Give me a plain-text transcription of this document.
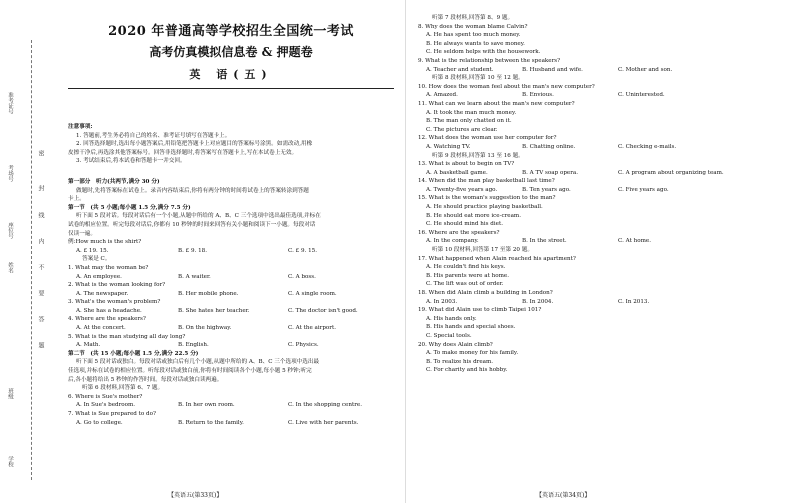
准考证号
考场号
座位号
姓名
班级
学校
密
封
线
内
不
要
答
题
2020 年普通高等学校招生全国统一考试
高考仿真模拟信息卷 & 押题卷
英 语(五)
注意事项:
1. 答题前,考生务必将自己的姓名、准考证号填写在答题卡上。
2. 回答选择题时,选出每小题答案后,用铅笔把答题卡上对应题目的答案标号涂黑。如需改动,用橡
皮擦干净后,再选涂其他答案标号。回答非选择题时,将答案写在答题卡上,写在本试卷上无效。
3. 考试结束后,将本试卷和答题卡一并交回。
第一部分　听力(共两节,满分 30 分)
做题时,先将答案标在试卷上。录音内容结束后,你将有两分钟的时间将试卷上的答案转涂到答题
卡上。
第一节　(共 5 小题;每小题 1.5 分,满分 7.5 分)
听下面 5 段对话。每段对话后有一个小题,从题中所给的 A、B、C 三个选项中选出最佳选项,并标在
试卷的相应位置。听完每段对话后,你都有 10 秒钟的时间来回答有关小题和阅读下一小题。每段对话
仅读一遍。
例:How much is the shirt?
A. £ 19. 15.	B. £ 9. 18.	C. £ 9. 15.
答案是 C。
1. What may the woman be?
A. An employee.	B. A waiter.	C. A boss.
2. What is the woman looking for?
A. The newspaper.	B. Her mobile phone.	C. A single room.
3. What's the woman's problem?
A. She has a headache.	B. She hates her teacher.	C. The doctor isn't good.
4. Where are the speakers?
A. At the concert.	B. On the highway.	C. At the airport.
5. What is the man studying all day long?
A. Math.	B. English.	C. Physics.
第二节　(共 15 小题;每小题 1.5 分,满分 22.5 分)
听下面 5 段对话或独白。每段对话或独白后有几个小题,从题中所给的 A、B、C 三个选项中选出最
佳选项,并标在试卷的相应位置。听每段对话或独白前,你将有时间阅读各个小题,每小题 5 秒钟;听完
后,各小题将给出 5 秒钟的作答时间。每段对话或独白读两遍。
听第 6 段材料,回答第 6、7 题。
6. Where is Sue's mother?
A. In Sue's bedroom.	B. In her own room.	C. In the shopping centre.
7. What is Sue prepared to do?
A. Go to college.	B. Return to the family.	C. Live with her parents.
【英语五(第33页)】
听第 7 段材料,回答第 8、9 题。
8. Why does the woman blame Calvin?
A. He has spent too much money.
B. He always wants to save money.
C. He seldom helps with the housework.
9. What is the relationship between the speakers?
A. Teacher and student.	B. Husband and wife.	C. Mother and son.
听第 8 段材料,回答第 10 至 12 题。
10. How does the woman feel about the man's new computer?
A. Amazed.	B. Envious.	C. Uninterested.
11. What can we learn about the man's new computer?
A. It took the man much money.
B. The man only chatted on it.
C. The pictures are clear.
12. What does the woman use her computer for?
A. Watching TV.	B. Chatting online.	C. Checking e-mails.
听第 9 段材料,回答第 13 至 16 题。
13. What is about to begin on TV?
A. A basketball game.	B. A TV soap opera.	C. A program about organizing team.
14. When did the man play basketball last time?
A. Twenty-five years ago.	B. Ten years ago.	C. Five years ago.
15. What is the woman's suggestion to the man?
A. He should practice playing basketball.
B. He should eat more ice-cream.
C. He should mind his diet.
16. Where are the speakers?
A. In the company.	B. In the street.	C. At home.
听第 10 段材料,回答第 17 至第 20 题。
17. What happened when Alain reached his apartment?
A. He couldn't find his keys.
B. His parents were at home.
C. The lift was out of order.
18. When did Alain climb a building in London?
A. In 2003.	B. In 2004.	C. In 2013.
19. What did Alain use to climb Taipei 101?
A. His hands only.
B. His hands and special shoes.
C. Special tools.
20. Why does Alain climb?
A. To make money for his family.
B. To realize his dream.
C. For charity and his hobby.
【英语五(第34页)】
